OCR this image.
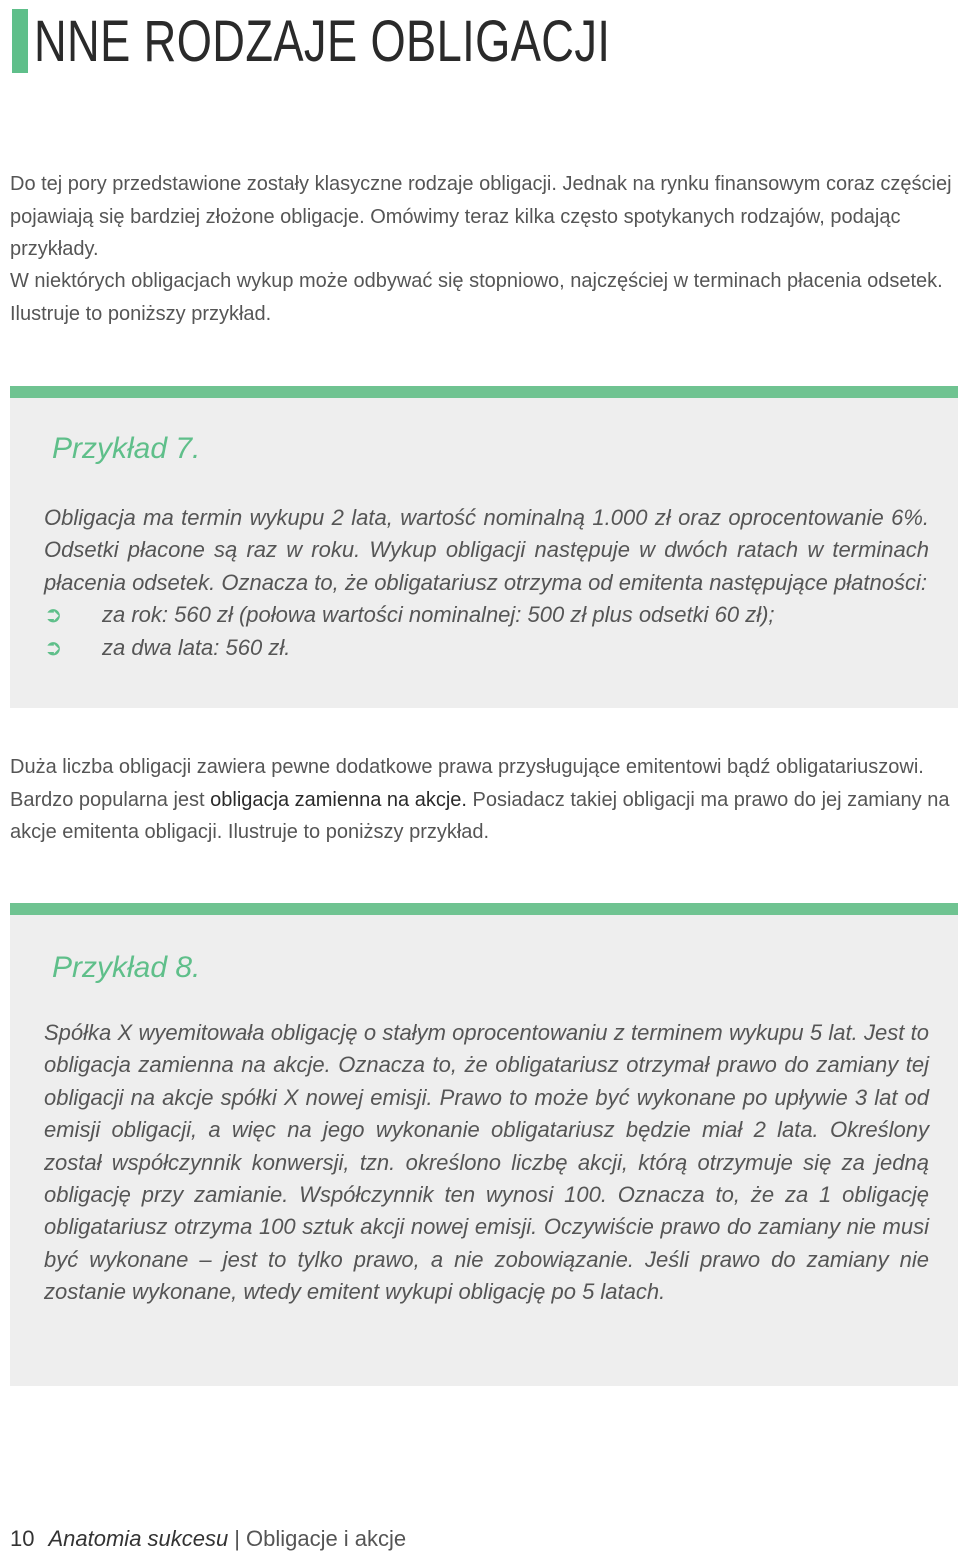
NNE RODZAJE OBLIGACJI

Do tej pory przedstawione zostały klasyczne rodzaje obligacji. Jednak na rynku finansowym coraz częściej pojawiają się bardziej złożone obligacje. Omówimy teraz kilka często spotykanych rodzajów, podając przykłady.

W niektórych obligacjach wykup może odbywać się stopniowo, najczęściej w terminach płacenia odsetek. Ilustruje to poniższy przykład.

Przykład 7.
Obligacja ma termin wykupu 2 lata, wartość nominalną 1.000 zł oraz oprocentowanie 6%. Odsetki płacone są raz w roku. Wykup obligacji następuje w dwóch ratach w terminach płacenia odsetek. Oznacza to, że obligatariusz otrzyma od emitenta następujące płatności:
➲	za rok: 560 zł (połowa wartości nominalnej: 500 zł plus odsetki 60 zł);
➲	za dwa lata: 560 zł.

Duża liczba obligacji zawiera pewne dodatkowe prawa przysługujące emitentowi bądź obligatariuszowi. Bardzo popularna jest obligacja zamienna na akcje. Posiadacz takiej obligacji ma prawo do jej zamiany na akcje emitenta obligacji. Ilustruje to poniższy przykład.

Przykład 8.
Spółka X wyemitowała obligację o stałym oprocentowaniu z terminem wykupu 5 lat. Jest to obligacja zamienna na akcje. Oznacza to, że obligatariusz otrzymał prawo do zamiany tej obligacji na akcje spółki X nowej emisji. Prawo to może być wykonane po upływie 3 lat od emisji obligacji, a więc na jego wykonanie obligatariusz będzie miał 2 lata. Określony został współczynnik konwersji, tzn. określono liczbę akcji, którą otrzymuje się za jedną obligację przy zamianie. Współczynnik ten wynosi 100. Oznacza to, że za 1 obligację obligatariusz otrzyma 100 sztuk akcji nowej emisji. Oczywiście prawo do zamiany nie musi być wykonane – jest to tylko prawo, a nie zobowiązanie. Jeśli prawo do zamiany nie zostanie wykonane, wtedy emitent wykupi obligację po 5 latach.
10 Anatomia sukcesu | Obligacje i akcje
